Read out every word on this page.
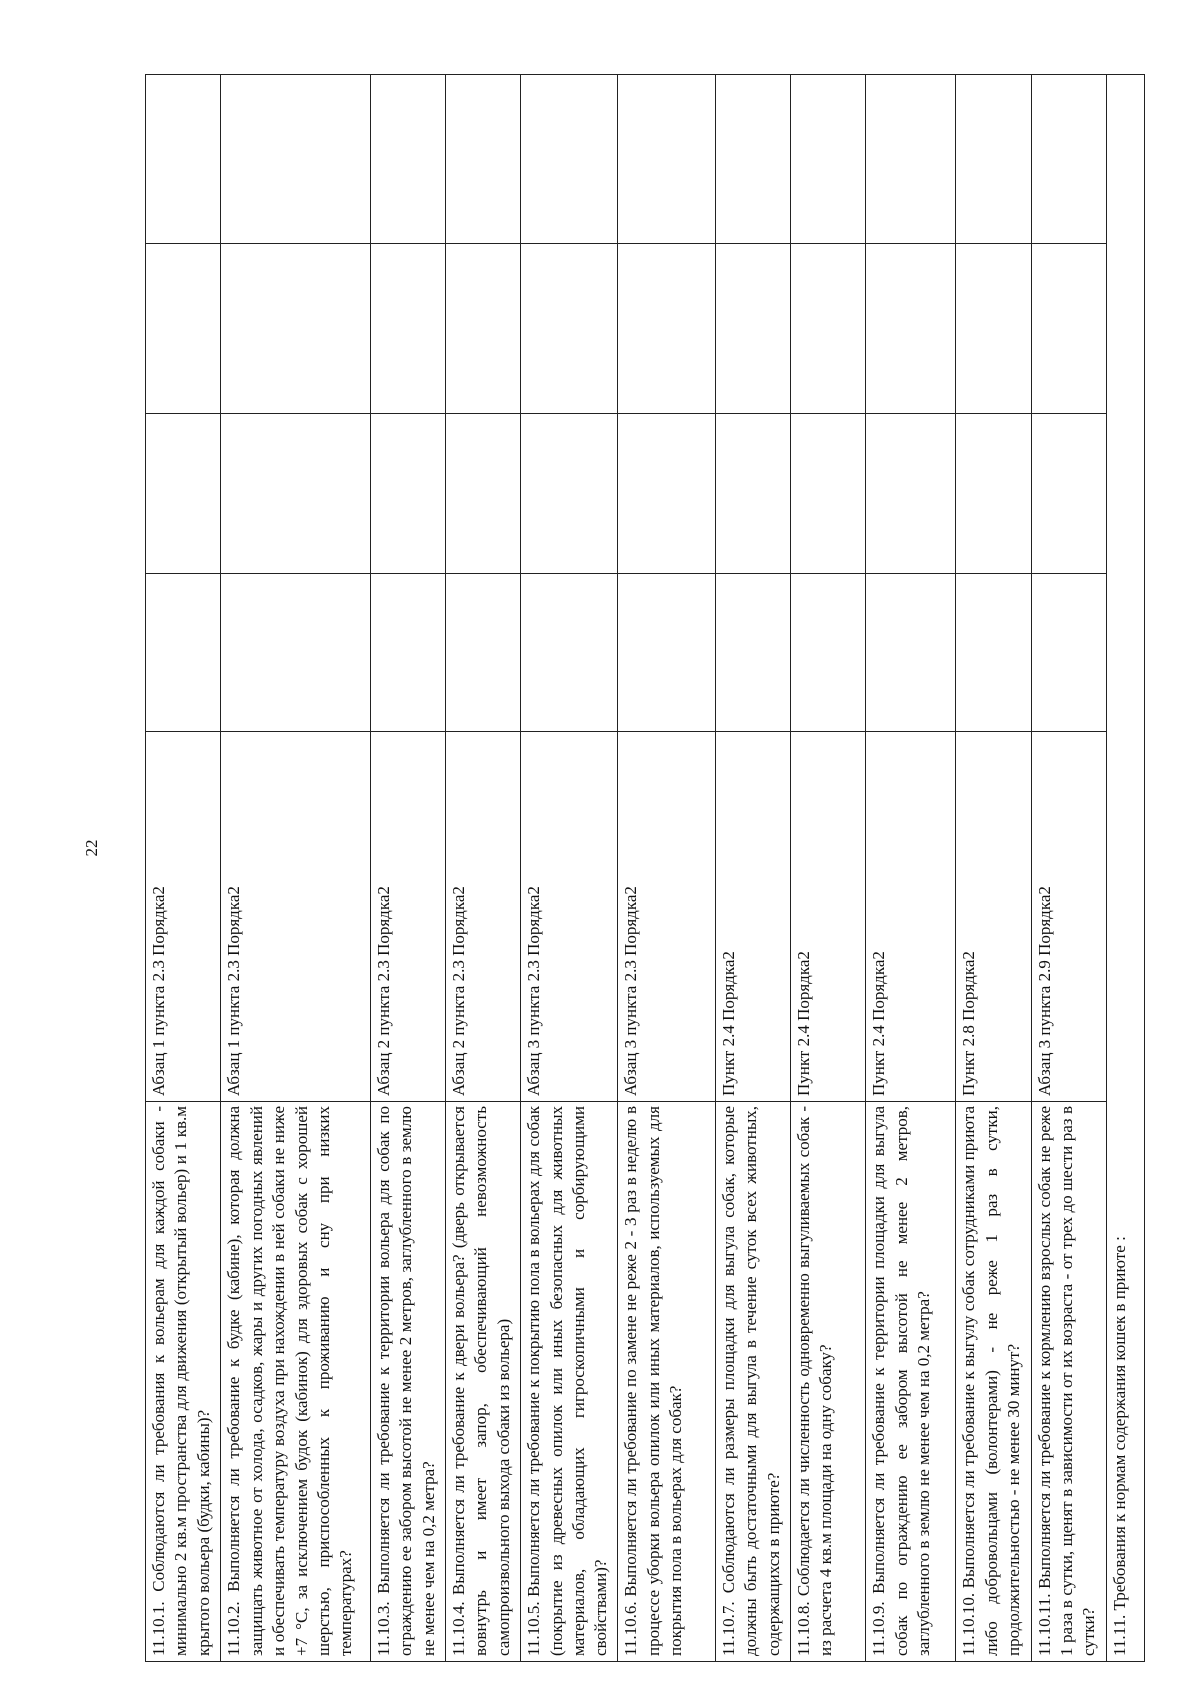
22
11.10.1. Соблюдаются ли требования к вольерам для каждой собаки - минимально 2 кв.м пространства для движения (открытый вольер) и 1 кв.м крытого вольера (будки, кабины)?	Абзац 1 пункта 2.3 Порядка2				
11.10.2. Выполняется ли требование к будке (кабине), которая должна защищать животное от холода, осадков, жары и других погодных явлений и обеспечивать температуру воздуха при нахождении в ней собаки не ниже +7 °С, за исключением будок (кабинок) для здоровых собак с хорошей шерстью, приспособленных к проживанию и сну при низких температурах?	Абзац 1 пункта 2.3 Порядка2				
11.10.3. Выполняется ли требование к территории вольера для собак по ограждению ее забором высотой не менее 2 метров, заглубленного в землю не менее чем на 0,2 метра?	Абзац 2 пункта 2.3 Порядка2				
11.10.4. Выполняется ли требование к двери вольера? (дверь открывается вовнутрь и имеет запор, обеспечивающий невозможность самопроизвольного выхода собаки из вольера)	Абзац 2 пункта 2.3 Порядка2				
11.10.5. Выполняется ли требование к покрытию пола в вольерах для собак (покрытие из древесных опилок или иных безопасных для животных материалов, обладающих гигроскопичными и сорбирующими свойствами)?	Абзац 3 пункта 2.3 Порядка2				
11.10.6. Выполняется ли требование по замене не реже 2 - 3 раз в неделю в процессе уборки вольера опилок или иных материалов, используемых для покрытия пола в вольерах для собак?	Абзац 3 пункта 2.3 Порядка2				
11.10.7. Соблюдаются ли размеры площадки для выгула собак, которые должны быть достаточными для выгула в течение суток всех животных, содержащихся в приюте?	Пункт 2.4 Порядка2				
11.10.8. Соблюдается ли численность одновременно выгуливаемых собак - из расчета 4 кв.м площади на одну собаку?	Пункт 2.4 Порядка2				
11.10.9. Выполняется ли требование к территории площадки для выгула собак по ограждению ее забором высотой не менее 2 метров, заглубленного в землю не менее чем на 0,2 метра?	Пункт 2.4 Порядка2				
11.10.10. Выполняется ли требование к выгулу собак сотрудниками приюта либо добровольцами (волонтерами) - не реже 1 раз в сутки, продолжительностью - не менее 30 минут?	Пункт 2.8 Порядка2				
11.10.11. Выполняется ли требование к кормлению взрослых собак не реже 1 раза в сутки, щенят в зависимости от их возраста - от трех до шести раз в сутки?	Абзац 3 пункта 2.9 Порядка2				
11.11. Требования к нормам содержания кошек в приюте :					
